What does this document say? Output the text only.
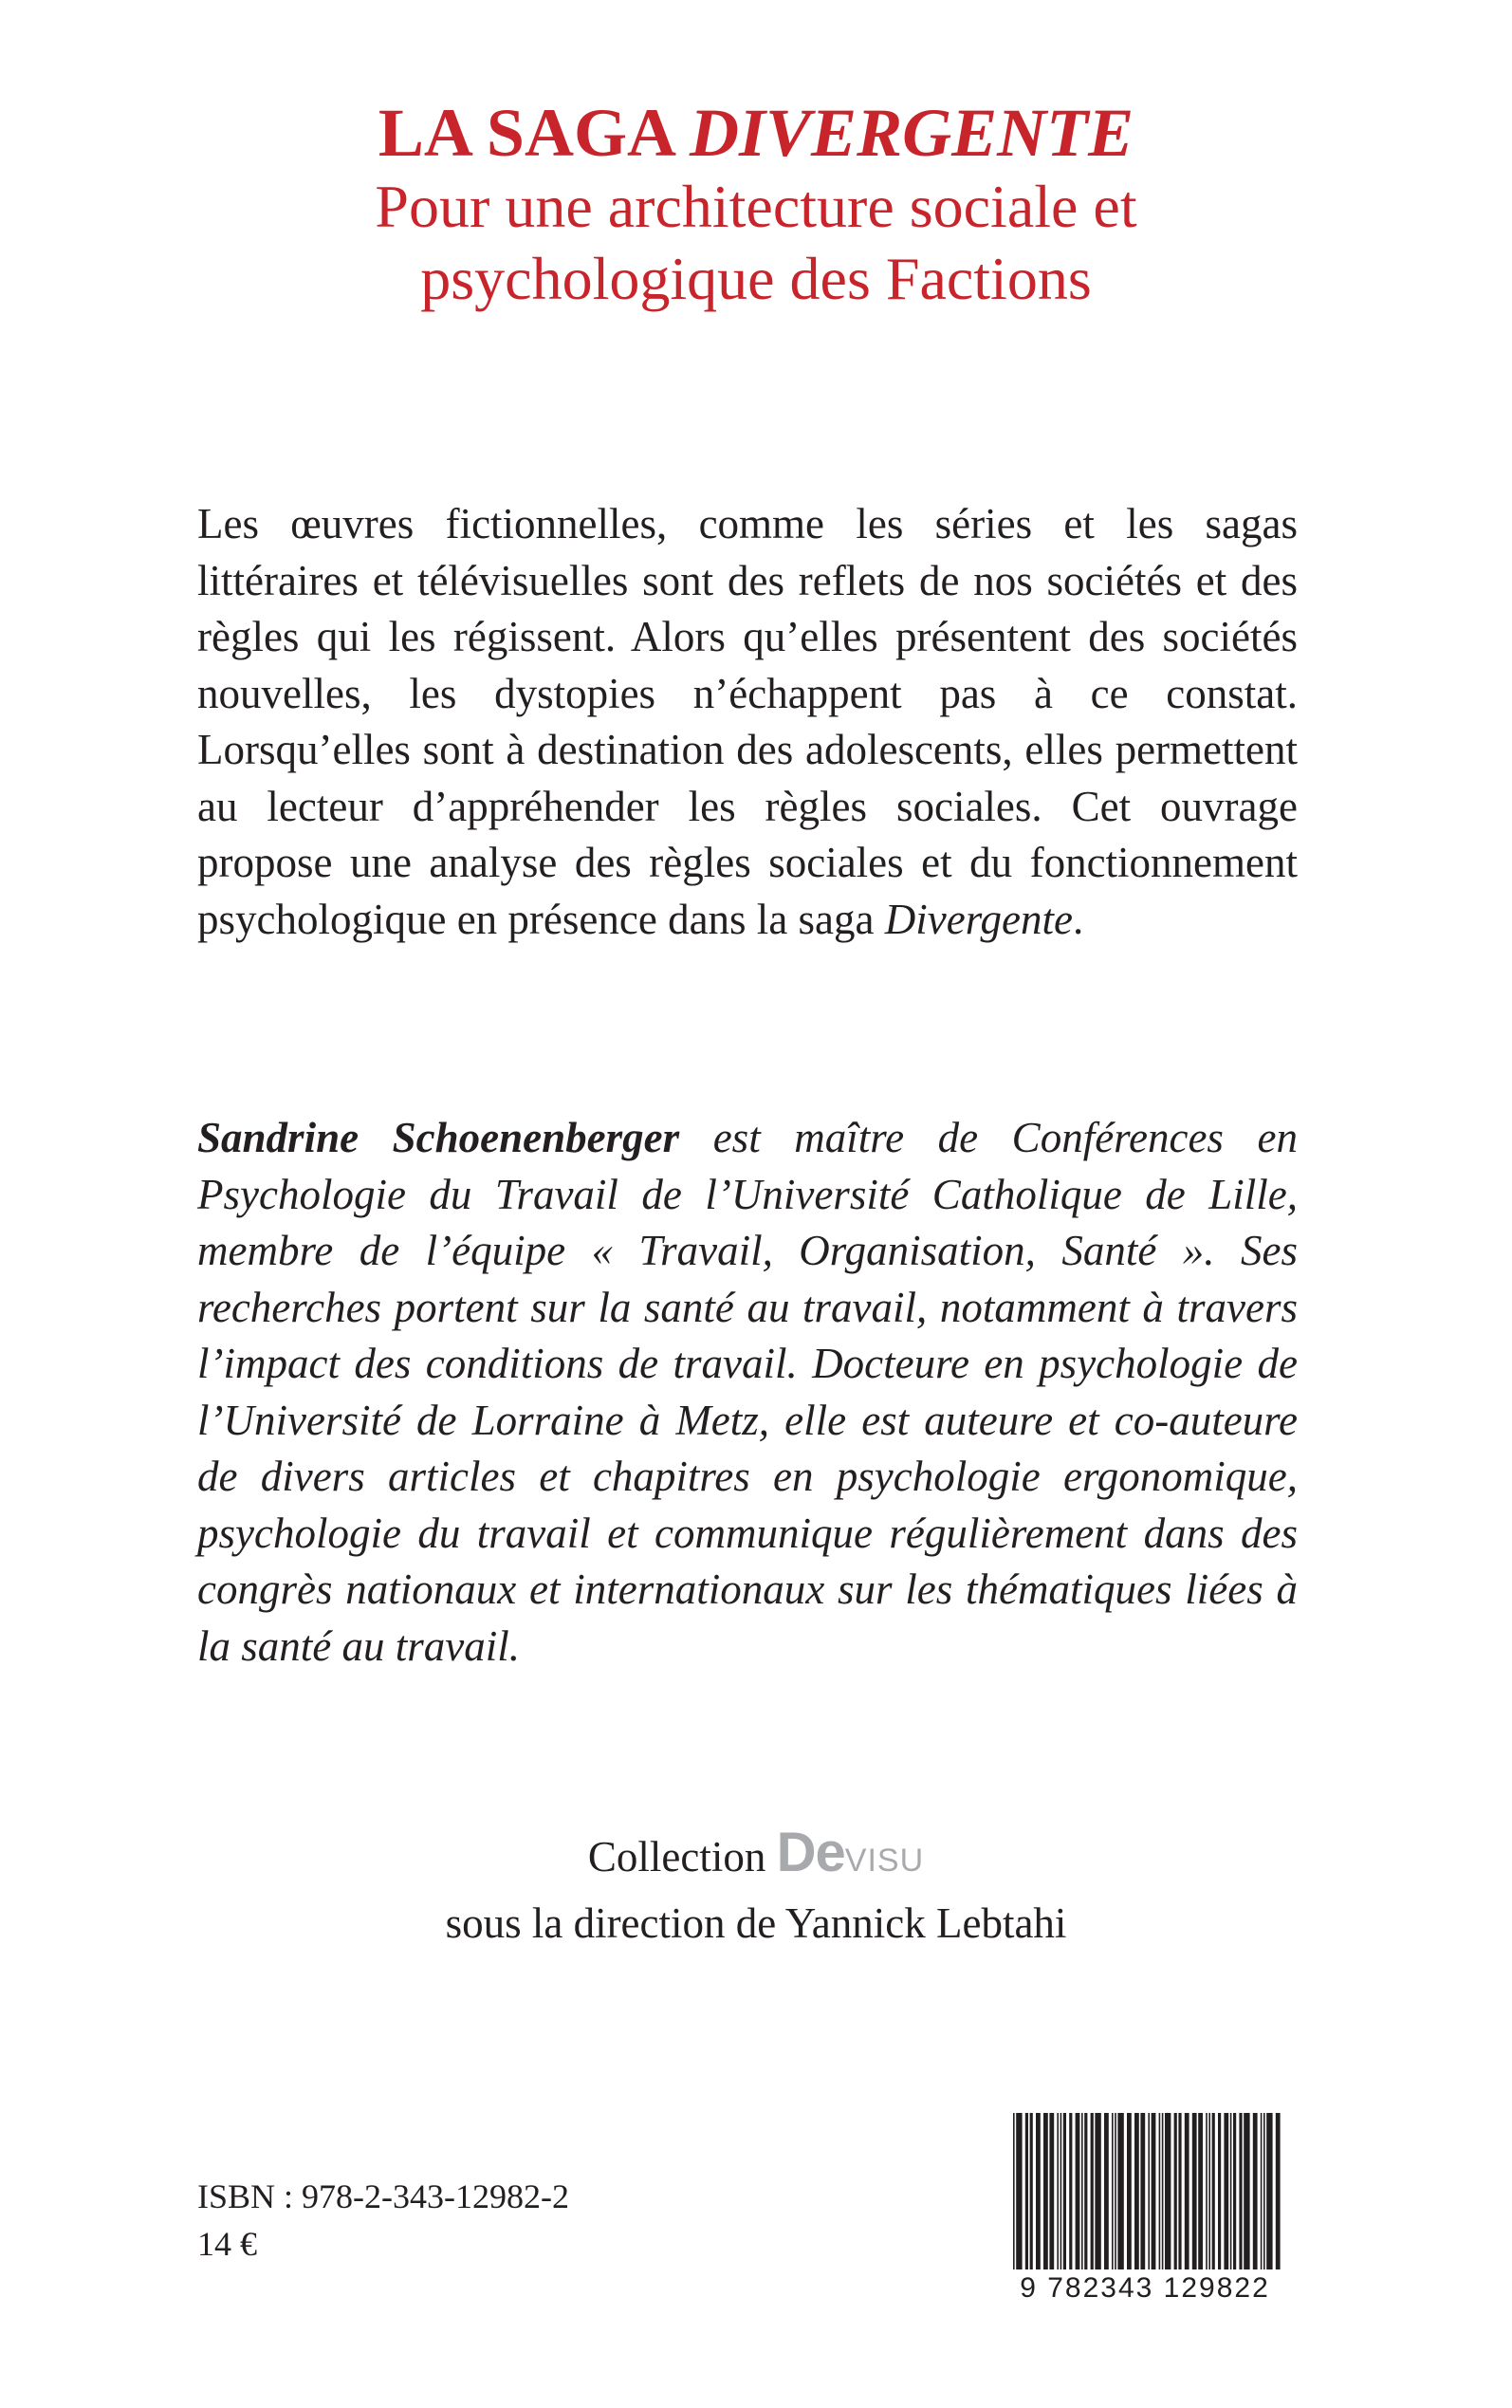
LA SAGA DIVERGENTE

Pour une architecture sociale et

psychologique des Factions

Les œuvres fictionnelles, comme les séries et les sagas littéraires et télévisuelles sont des reflets de nos sociétés et des règles qui les régissent. Alors qu’elles présentent des sociétés nouvelles, les dystopies n’échappent pas à ce constat. Lorsqu’elles sont à destination des adolescents, elles permettent au lecteur d’appréhender les règles sociales. Cet ouvrage propose une analyse des règles sociales et du fonctionnement psychologique en présence dans la saga Divergente.

Sandrine Schoenenberger est maître de Conférences en Psychologie du Travail de l’Université Catholique de Lille, membre de l’équipe « Travail, Organisation, Santé ». Ses recherches portent sur la santé au travail, notamment à travers l’impact des conditions de travail. Docteure en psychologie de l’Université de Lorraine à Metz, elle est auteure et co-auteure de divers articles et chapitres en psychologie ergonomique, psychologie du travail et communique régulièrement dans des congrès nationaux et internationaux sur les thématiques liées à la santé au travail.

Collection DeVISU
sous la direction de Yannick Lebtahi
ISBN : 978-2-343-12982-2
14 €
9 782343 129822
